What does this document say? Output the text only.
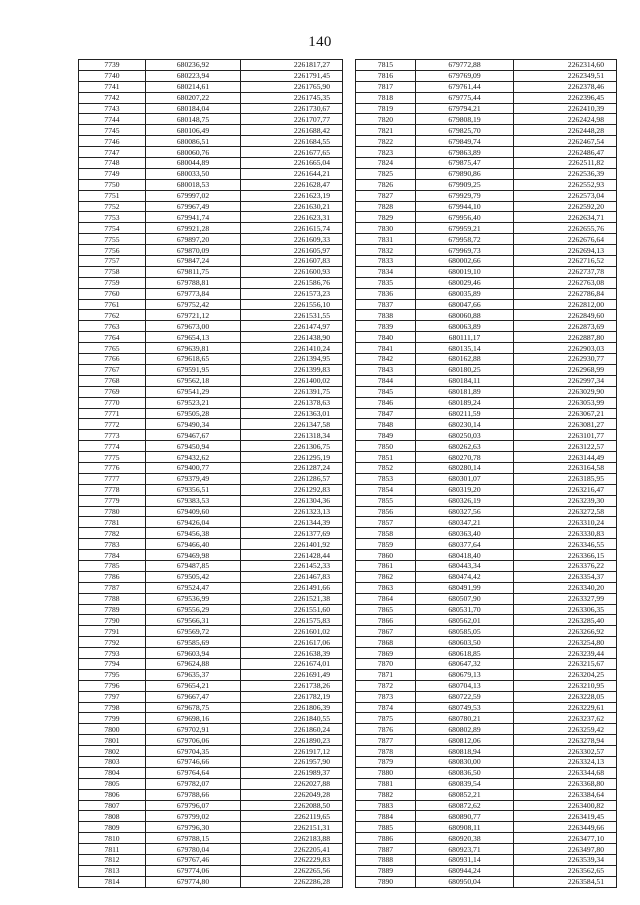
140
7739	680236,92	2261817,27
7740	680223,94	2261791,45
7741	680214,61	2261765,90
7742	680207,22	2261745,35
7743	680184,04	2261730,67
7744	680148,75	2261707,77
7745	680106,49	2261688,42
7746	680086,51	2261684,55
7747	680060,76	2261677,65
7748	680044,89	2261665,04
7749	680033,50	2261644,21
7750	680018,53	2261628,47
7751	679997,02	2261623,19
7752	679967,49	2261630,21
7753	679941,74	2261623,31
7754	679921,28	2261615,74
7755	679897,20	2261609,33
7756	679870,09	2261605,97
7757	679847,24	2261607,83
7758	679811,75	2261600,93
7759	679788,81	2261586,76
7760	679773,84	2261573,23
7761	679752,42	2261556,10
7762	679721,12	2261531,55
7763	679673,00	2261474,97
7764	679654,13	2261438,90
7765	679639,81	2261410,24
7766	679618,65	2261394,95
7767	679591,95	2261399,83
7768	679562,18	2261400,02
7769	679541,29	2261391,75
7770	679523,21	2261378,63
7771	679505,28	2261363,01
7772	679490,34	2261347,58
7773	679467,67	2261318,34
7774	679450,94	2261306,75
7775	679432,62	2261295,19
7776	679400,77	2261287,24
7777	679379,49	2261286,57
7778	679356,51	2261292,83
7779	679383,53	2261304,36
7780	679409,60	2261323,13
7781	679426,04	2261344,39
7782	679456,38	2261377,69
7783	679466,40	2261401,92
7784	679469,98	2261428,44
7785	679487,85	2261452,33
7786	679505,42	2261467,83
7787	679524,47	2261491,66
7788	679536,99	2261521,38
7789	679556,29	2261551,60
7790	679566,31	2261575,83
7791	679569,72	2261601,02
7792	679585,69	2261617,06
7793	679603,94	2261638,39
7794	679624,88	2261674,01
7795	679635,37	2261691,49
7796	679654,21	2261738,26
7797	679667,47	2261782,19
7798	679678,75	2261806,39
7799	679698,16	2261840,55
7800	679702,91	2261860,24
7801	679706,06	2261890,23
7802	679704,35	2261917,12
7803	679746,66	2261957,90
7804	679764,64	2261989,37
7805	679782,07	2262027,88
7806	679788,66	2262049,28
7807	679796,07	2262088,50
7808	679799,02	2262119,65
7809	679796,30	2262151,31
7810	679788,15	2262183,88
7811	679780,04	2262205,41
7812	679767,46	2262229,83
7813	679774,06	2262265,56
7814	679774,80	2262286,28
7815	679772,88	2262314,60
7816	679769,09	2262349,51
7817	679761,44	2262378,46
7818	679775,44	2262396,45
7819	679794,21	2262410,39
7820	679808,19	2262424,98
7821	679825,70	2262448,28
7822	679849,74	2262467,54
7823	679863,89	2262486,47
7824	679875,47	2262511,82
7825	679890,86	2262536,39
7826	679909,25	2262552,93
7827	679929,79	2262573,04
7828	679944,10	2262592,20
7829	679956,40	2262634,71
7830	679959,21	2262655,76
7831	679958,72	2262676,64
7832	679969,73	2262694,13
7833	680002,66	2262716,52
7834	680019,10	2262737,78
7835	680029,46	2262763,08
7836	680035,89	2262786,84
7837	680047,66	2262812,00
7838	680060,88	2262849,60
7839	680063,89	2262873,69
7840	680111,17	2262887,80
7841	680135,14	2262903,03
7842	680162,88	2262930,77
7843	680180,25	2262968,99
7844	680184,11	2262997,34
7845	680181,89	2263029,90
7846	680189,24	2263053,99
7847	680211,59	2263067,21
7848	680230,14	2263081,27
7849	680250,03	2263101,77
7850	680262,63	2263122,57
7851	680270,78	2263144,49
7852	680280,14	2263164,58
7853	680301,07	2263185,95
7854	680319,20	2263216,47
7855	680326,19	2263239,30
7856	680327,56	2263272,58
7857	680347,21	2263310,24
7858	680363,40	2263330,83
7859	680377,64	2263346,55
7860	680418,40	2263366,15
7861	680443,34	2263376,22
7862	680474,42	2263354,37
7863	680491,99	2263340,20
7864	680507,90	2263327,99
7865	680531,70	2263306,35
7866	680562,01	2263285,40
7867	680585,05	2263266,92
7868	680603,50	2263254,80
7869	680618,85	2263239,44
7870	680647,32	2263215,67
7871	680679,13	2263204,25
7872	680704,13	2263210,95
7873	680722,59	2263228,05
7874	680749,53	2263229,61
7875	680780,21	2263237,62
7876	680802,89	2263259,42
7877	680812,06	2263278,94
7878	680818,94	2263302,57
7879	680830,00	2263324,13
7880	680836,50	2263344,68
7881	680839,54	2263368,80
7882	680852,21	2263384,64
7883	680872,62	2263400,82
7884	680890,77	2263419,45
7885	680908,11	2263449,66
7886	680920,38	2263477,10
7887	680923,71	2263497,80
7888	680931,14	2263539,34
7889	680944,24	2263562,65
7890	680950,04	2263584,51
